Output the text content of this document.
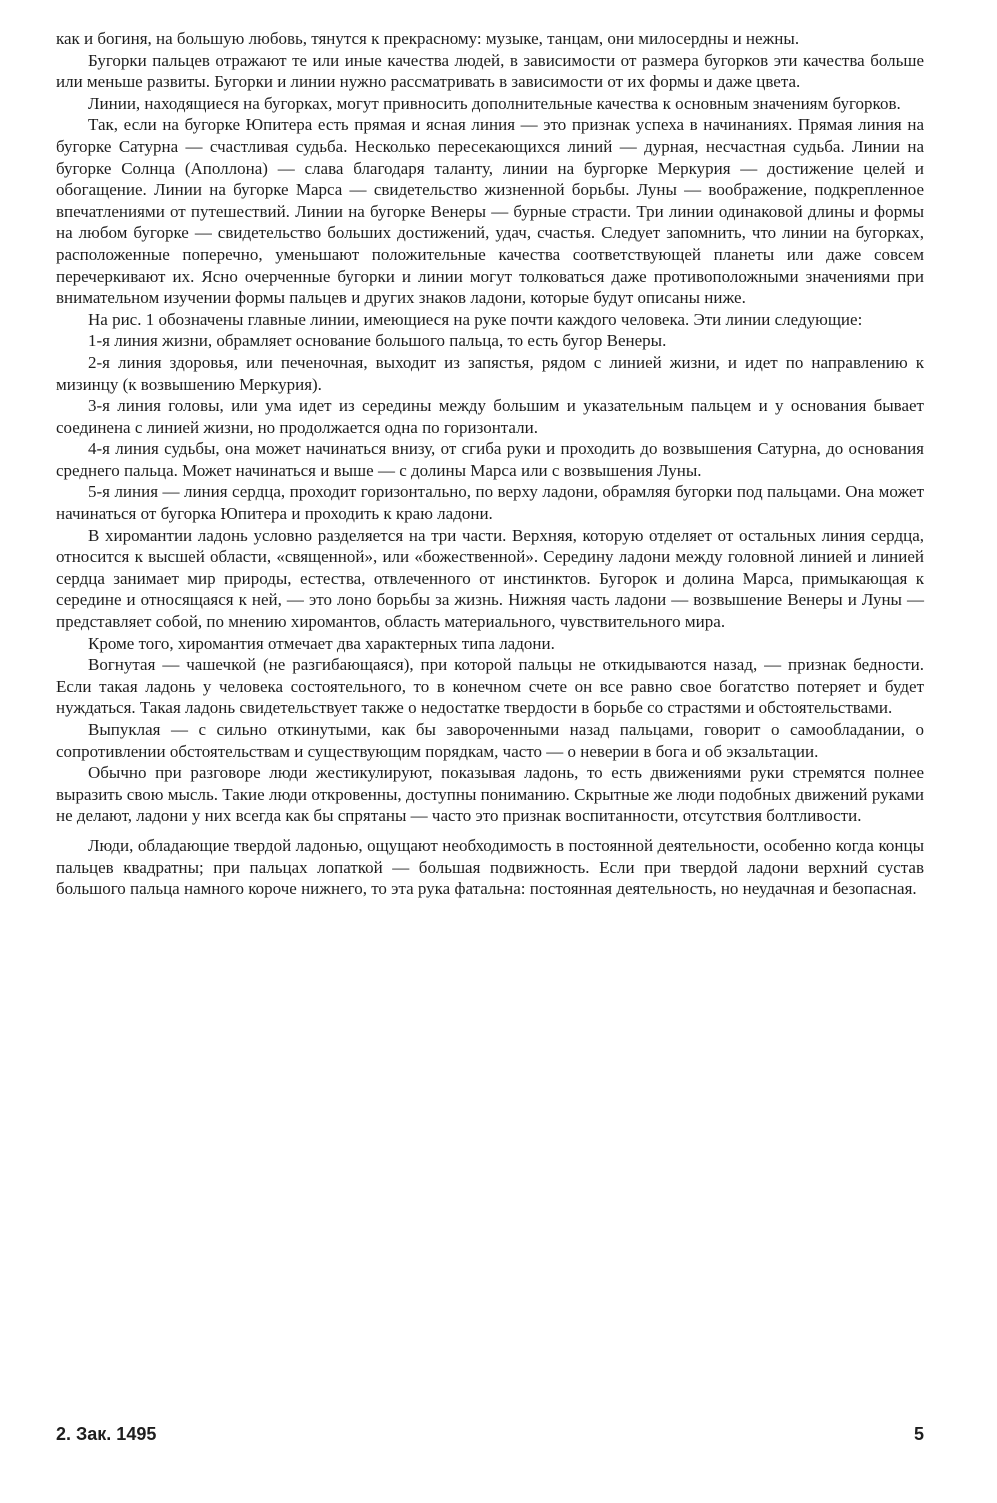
как и богиня, на большую любовь, тянутся к прекрасному: музыке, танцам, они милосердны и нежны.

Бугорки пальцев отражают те или иные качества людей, в зависимости от размера бугорков эти качества больше или меньше развиты. Бугорки и линии нужно рассматривать в зависимости от их формы и даже цвета.

Линии, находящиеся на бугорках, могут привносить дополнительные качества к основным значениям бугорков.

Так, если на бугорке Юпитера есть прямая и ясная линия — это признак успеха в начинаниях. Прямая линия на бугорке Сатурна — счастливая судьба. Несколько пересекающихся линий — дурная, несчастная судьба. Линии на бугорке Солнца (Аполлона) — слава благодаря таланту, линии на бургорке Меркурия — достижение целей и обогащение. Линии на бугорке Марса — свидетельство жизненной борьбы. Луны — воображение, подкрепленное впечатлениями от путешествий. Линии на бугорке Венеры — бурные страсти. Три линии одинаковой длины и формы на любом бугорке — свидетельство больших достижений, удач, счастья. Следует запомнить, что линии на бугорках, расположенные поперечно, уменьшают положительные качества соответствующей планеты или даже совсем перечеркивают их. Ясно очерченные бугорки и линии могут толковаться даже противоположными значениями при внимательном изучении формы пальцев и других знаков ладони, которые будут описаны ниже.

На рис. 1 обозначены главные линии, имеющиеся на руке почти каждого человека. Эти линии следующие:

1-я линия жизни, обрамляет основание большого пальца, то есть бугор Венеры.

2-я линия здоровья, или печеночная, выходит из запястья, рядом с линией жизни, и идет по направлению к мизинцу (к возвышению Меркурия).

3-я линия головы, или ума идет из середины между большим и указательным пальцем и у основания бывает соединена с линией жизни, но продолжается одна по горизонтали.

4-я линия судьбы, она может начинаться внизу, от сгиба руки и проходить до возвышения Сатурна, до основания среднего пальца. Может начинаться и выше — с долины Марса или с возвышения Луны.

5-я линия — линия сердца, проходит горизонтально, по верху ладони, обрамляя бугорки под пальцами. Она может начинаться от бугорка Юпитера и проходить к краю ладони.

В хиромантии ладонь условно разделяется на три части. Верхняя, которую отделяет от остальных линия сердца, относится к высшей области, «священной», или «божественной». Середину ладони между головной линией и линией сердца занимает мир природы, естества, отвлеченного от инстинктов. Бугорок и долина Марса, примыкающая к середине и относящаяся к ней, — это лоно борьбы за жизнь. Нижняя часть ладони — возвышение Венеры и Луны — представляет собой, по мнению хиромантов, область материального, чувствительного мира.

Кроме того, хиромантия отмечает два характерных типа ладони.

Вогнутая — чашечкой (не разгибающаяся), при которой пальцы не откидываются назад, — признак бедности. Если такая ладонь у человека состоятельного, то в конечном счете он все равно свое богатство потеряет и будет нуждаться. Такая ладонь свидетельствует также о недостатке твердости в борьбе со страстями и обстоятельствами.

Выпуклая — с сильно откинутыми, как бы завороченными назад пальцами, говорит о самообладании, о сопротивлении обстоятельствам и существующим порядкам, часто — о неверии в бога и об экзальтации.

Обычно при разговоре люди жестикулируют, показывая ладонь, то есть движениями руки стремятся полнее выразить свою мысль. Такие люди откровенны, доступны пониманию. Скрытные же люди подобных движений руками не делают, ладони у них всегда как бы спрятаны — часто это признак воспитанности, отсутствия болтливости.

Люди, обладающие твердой ладонью, ощущают необходимость в постоянной деятельности, особенно когда концы пальцев квадратны; при пальцах лопаткой — большая подвижность. Если при твердой ладони верхний сустав большого пальца намного короче нижнего, то эта рука фатальна: постоянная деятельность, но неудачная и безопасная.

2. Зак. 1495	5
